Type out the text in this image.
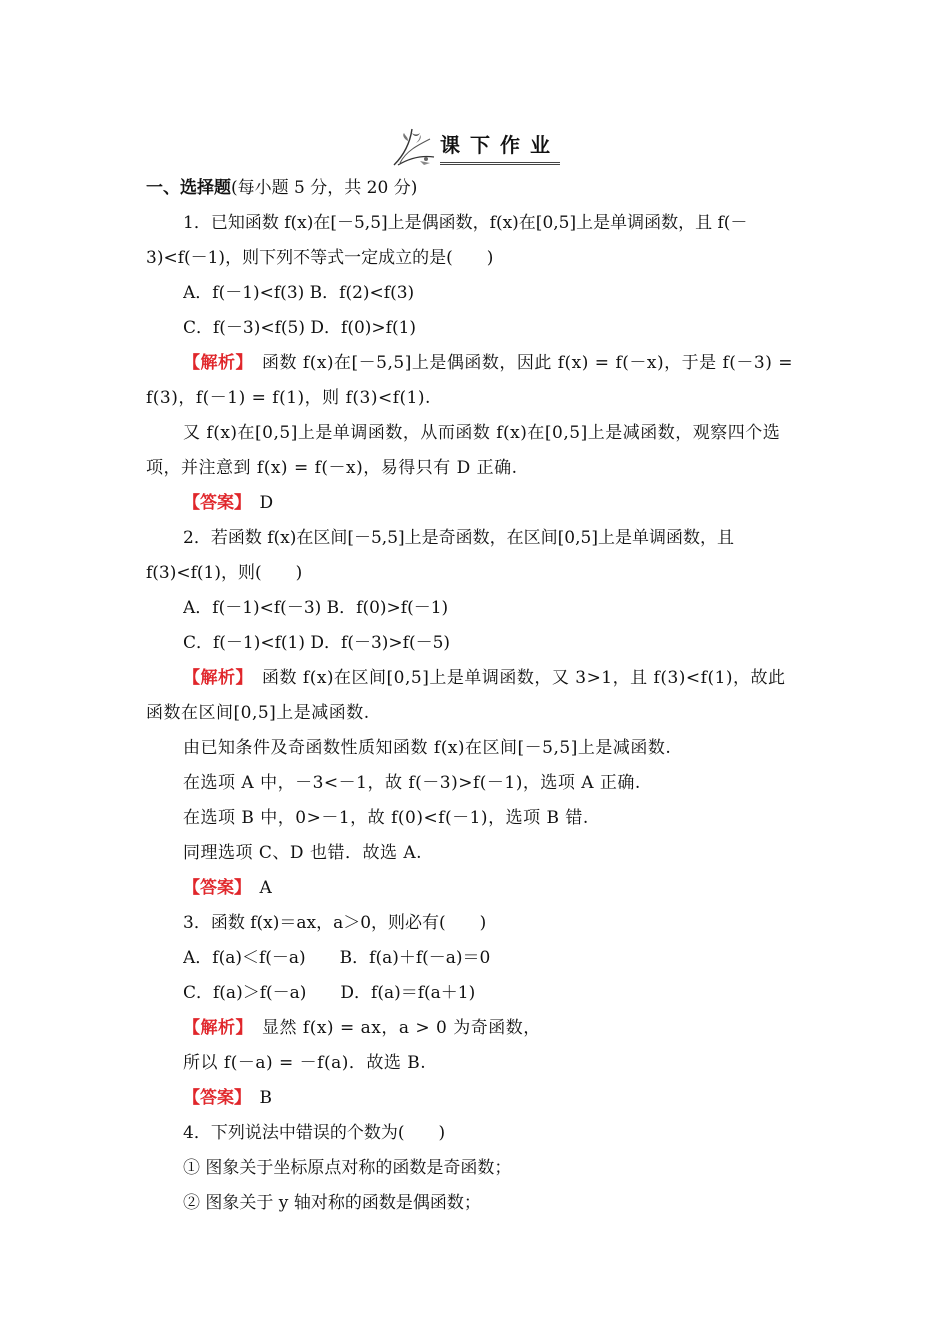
课下作业
一、选择题(每小题 5 分，共 20 分)
1．已知函数 f(x)在[－5,5]上是偶函数，f(x)在[0,5]上是单调函数，且 f(－
3)<f(－1)，则下列不等式一定成立的是(　　)
A．f(－1)<f(3) B．f(2)<f(3)
C．f(－3)<f(5) D．f(0)>f(1)
【解析】　函数 f(x)在[－5,5]上是偶函数，因此 f(x) = f(－x)，于是 f(－3) =
f(3)，f(－1) = f(1)，则 f(3)<f(1).
又 f(x)在[0,5]上是单调函数，从而函数 f(x)在[0,5]上是减函数，观察四个选
项，并注意到 f(x) = f(－x)，易得只有 D 正确.
【答案】　D
2．若函数 f(x)在区间[－5,5]上是奇函数，在区间[0,5]上是单调函数，且
f(3)<f(1)，则(　　)
A．f(－1)<f(－3) B．f(0)>f(－1)
C．f(－1)<f(1) D．f(－3)>f(－5)
【解析】　函数 f(x)在区间[0,5]上是单调函数，又 3>1，且 f(3)<f(1)，故此
函数在区间[0,5]上是减函数.
由已知条件及奇函数性质知函数 f(x)在区间[－5,5]上是减函数.
在选项 A 中，－3<－1，故 f(－3)>f(－1)，选项 A 正确.
在选项 B 中，0>－1，故 f(0)<f(－1)，选项 B 错.
同理选项 C、D 也错．故选 A.
【答案】　A
3．函数 f(x)＝ax，a＞0，则必有(　　)
A．f(a)＜f(－a)　　B．f(a)＋f(－a)＝0
C．f(a)＞f(－a)　　D．f(a)＝f(a＋1)
【解析】　显然 f(x) = ax，a > 0 为奇函数，
所以 f(－a) = －f(a)．故选 B.
【答案】　B
4．下列说法中错误的个数为(　　)
① 图象关于坐标原点对称的函数是奇函数；
② 图象关于 y 轴对称的函数是偶函数；
